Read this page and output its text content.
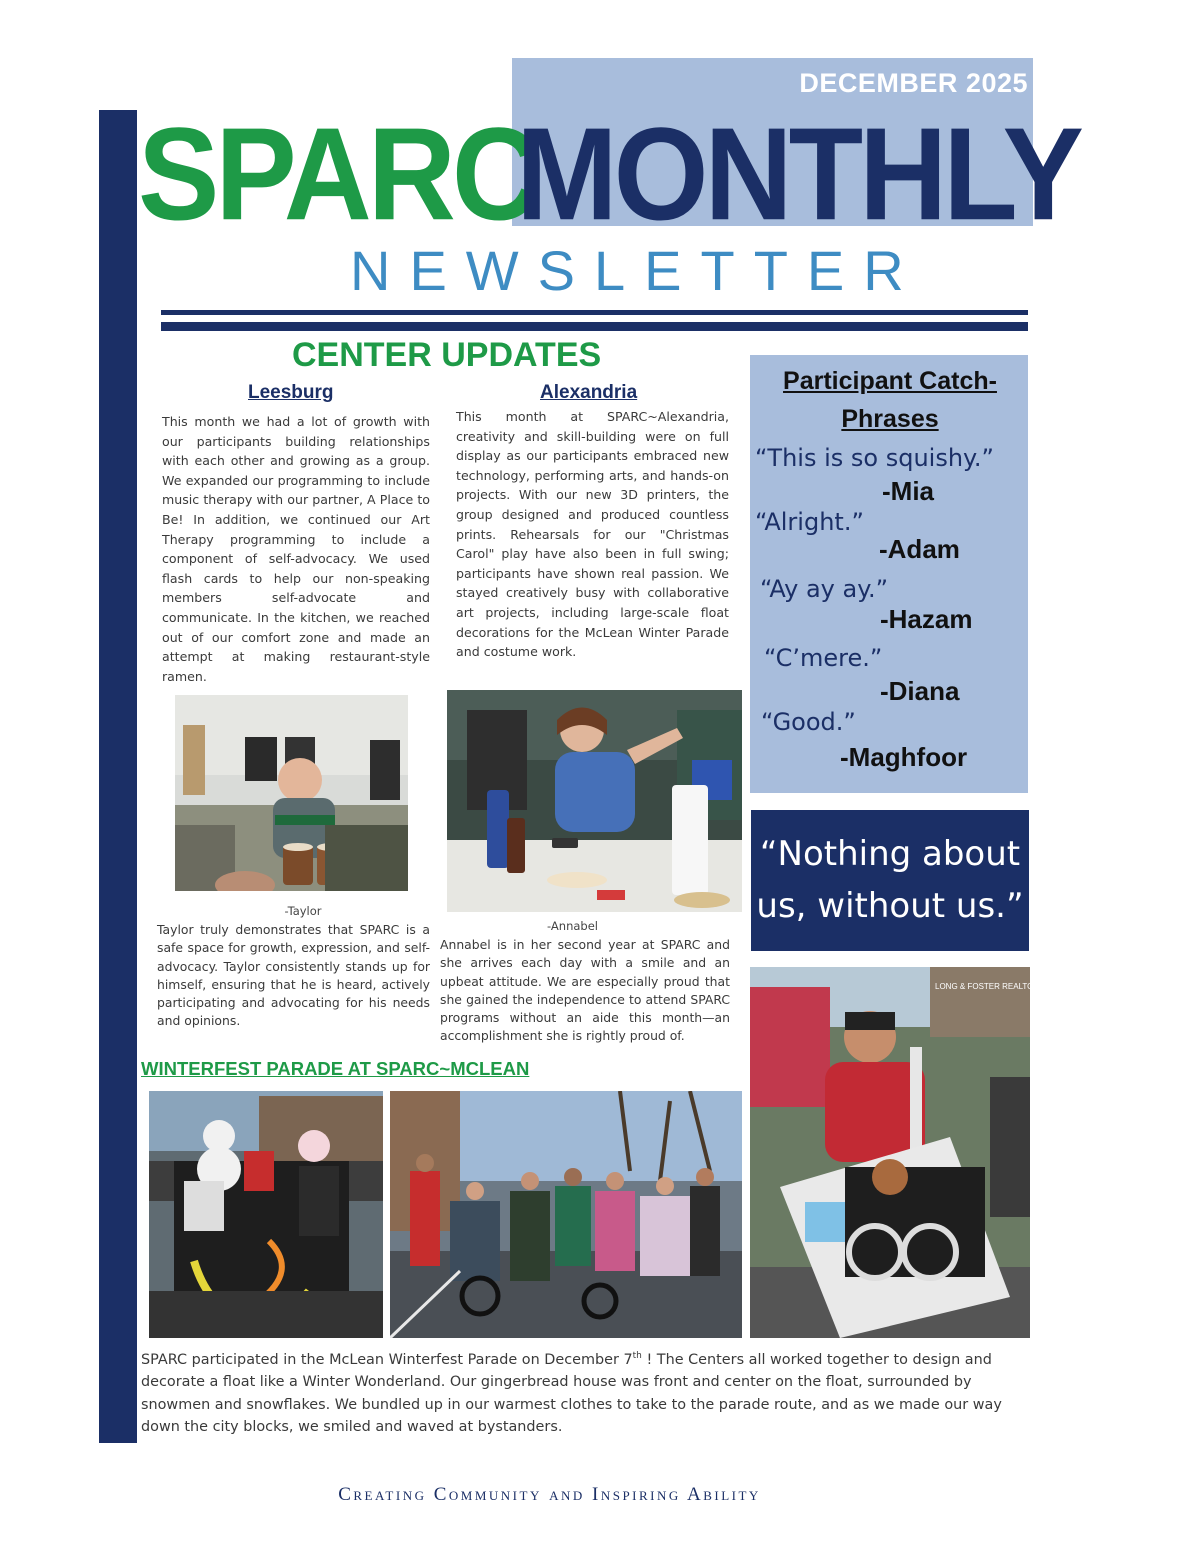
DECEMBER 2025
SPARC
MONTHLY
NEWSLETTER
CENTER UPDATES
Leesburg

This month we had a lot of growth with our participants building relationships with each other and growing as a group. We expanded our programming to include music therapy with our partner, A Place to Be! In addition, we continued our Art Therapy programming to include a component of self-advocacy. We used flash cards to help our non-speaking members self-advocate and communicate. In the kitchen, we reached out of our comfort zone and made an attempt at making restaurant-style ramen.

Alexandria

This month at SPARC~Alexandria, creativity and skill-building were on full display as our participants embraced new technology, performing arts, and hands-on projects. With our new 3D printers, the group designed and produced countless prints. Rehearsals for our "Christmas Carol" play have also been in full swing; participants have shown real passion. We stayed creatively busy with collaborative art projects, including large-scale float decorations for the McLean Winter Parade and costume work.

-Taylor
-Annabel

Taylor truly demonstrates that SPARC is a safe space for growth, expression, and self-advocacy. Taylor consistently stands up for himself, ensuring that he is heard, actively participating and advocating for his needs and opinions.

Annabel is in her second year at SPARC and she arrives each day with a smile and an upbeat attitude. We are especially proud that she gained the independence to attend SPARC programs without an aide this month—an accomplishment she is rightly proud of.

Participant Catch-Phrases
“This is so squishy.”
-Mia
“Alright.”
-Adam
“Ay ay ay.”
-Hazam
“C’mere.”
-Diana
“Good.”
-Maghfoor
“Nothing about us, without us.”
WINTERFEST PARADE AT SPARC~MCLEAN
LONG & FOSTER REALTORS

SPARC participated in the McLean Winterfest Parade on December 7th ! The Centers all worked together to design and decorate a float like a Winter Wonderland. Our gingerbread house was front and center on the float, surrounded by snowmen and snowflakes. We bundled up in our warmest clothes to take to the parade route, and as we made our way down the city blocks, we smiled and waved at bystanders.

Creating Community and Inspiring Ability
